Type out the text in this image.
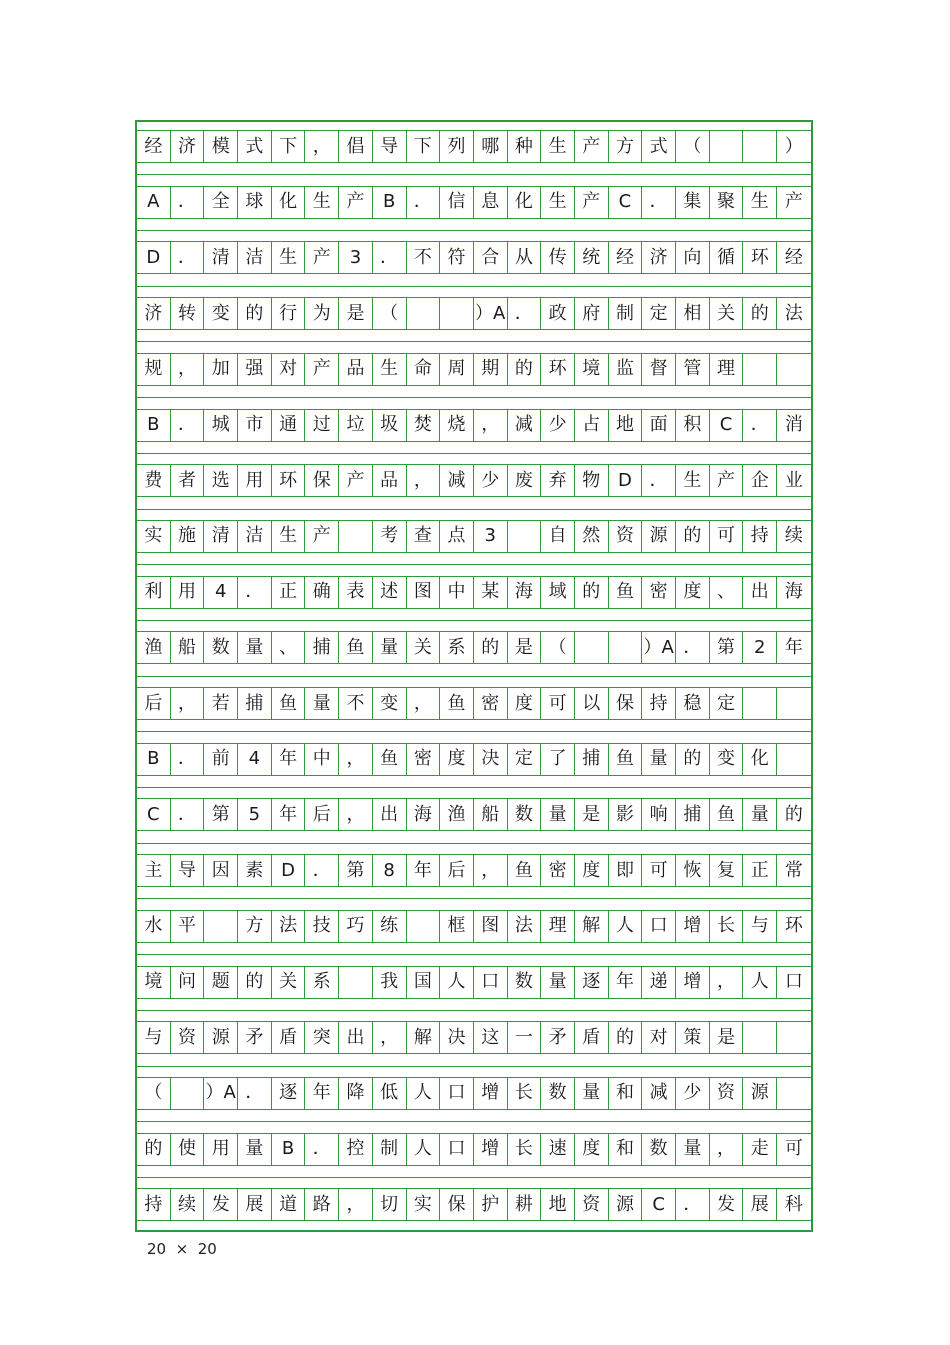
经 济 模 式 下 ， 倡 导 下 列 哪 种 生 产 方 式 （	）
A	． 全 球 化 生 产	B	． 信 息 化 生 产	C	． 集 聚 生 产
D ． 清 洁 生 产	3	． 不 符 合 从 传 统 经 济 向 循 环 经
济 转 变 的 行 为 是 （	）A ． 政 府 制 定 相 关 的 法
规 ， 加 强 对 产 品 生 命 周 期 的 环 境 监 督 管 理
B	． 城 市 通 过 垃 圾 焚 烧 ， 减 少 占 地 面 积	C	． 消
费 者 选 用 环 保 产 品 ， 减 少 废 弃 物 D ． 生 产 企 业
实 施 清 洁 生 产	考 查 点	3	自 然 资 源 的 可 持 续
利 用	4	． 正 确 表 述 图 中 某 海 域 的 鱼 密 度 、 出 海
渔 船 数 量 、 捕 鱼 量 关 系 的 是 （	）A ． 第	2	年
后 ， 若 捕 鱼 量 不 变 ， 鱼 密 度 可 以 保 持 稳 定
B	． 前	4	年 中 ， 鱼 密 度 决 定 了 捕 鱼 量 的 变 化
C	． 第	5	年 后 ， 出 海 渔 船 数 量 是 影 响 捕 鱼 量 的
主 导 因 素 D ． 第	8	年 后 ， 鱼 密 度 即 可 恢 复 正 常
水 平	方 法 技 巧 练	框 图 法 理 解 人 口 增 长 与 环
境 问 题 的 关 系	我 国 人 口 数 量 逐 年 递 增 ， 人 口
与 资 源 矛 盾 突 出 ， 解 决 这 一 矛 盾 的 对 策 是
（	）A ． 逐 年 降 低 人 口 增 长 数 量 和 减 少 资 源
的 使 用 量	B	． 控 制 人 口 增 长 速 度 和 数 量 ， 走 可
持 续 发 展 道 路 ， 切 实 保 护 耕 地 资 源	C	． 发 展 科
20 × 20
